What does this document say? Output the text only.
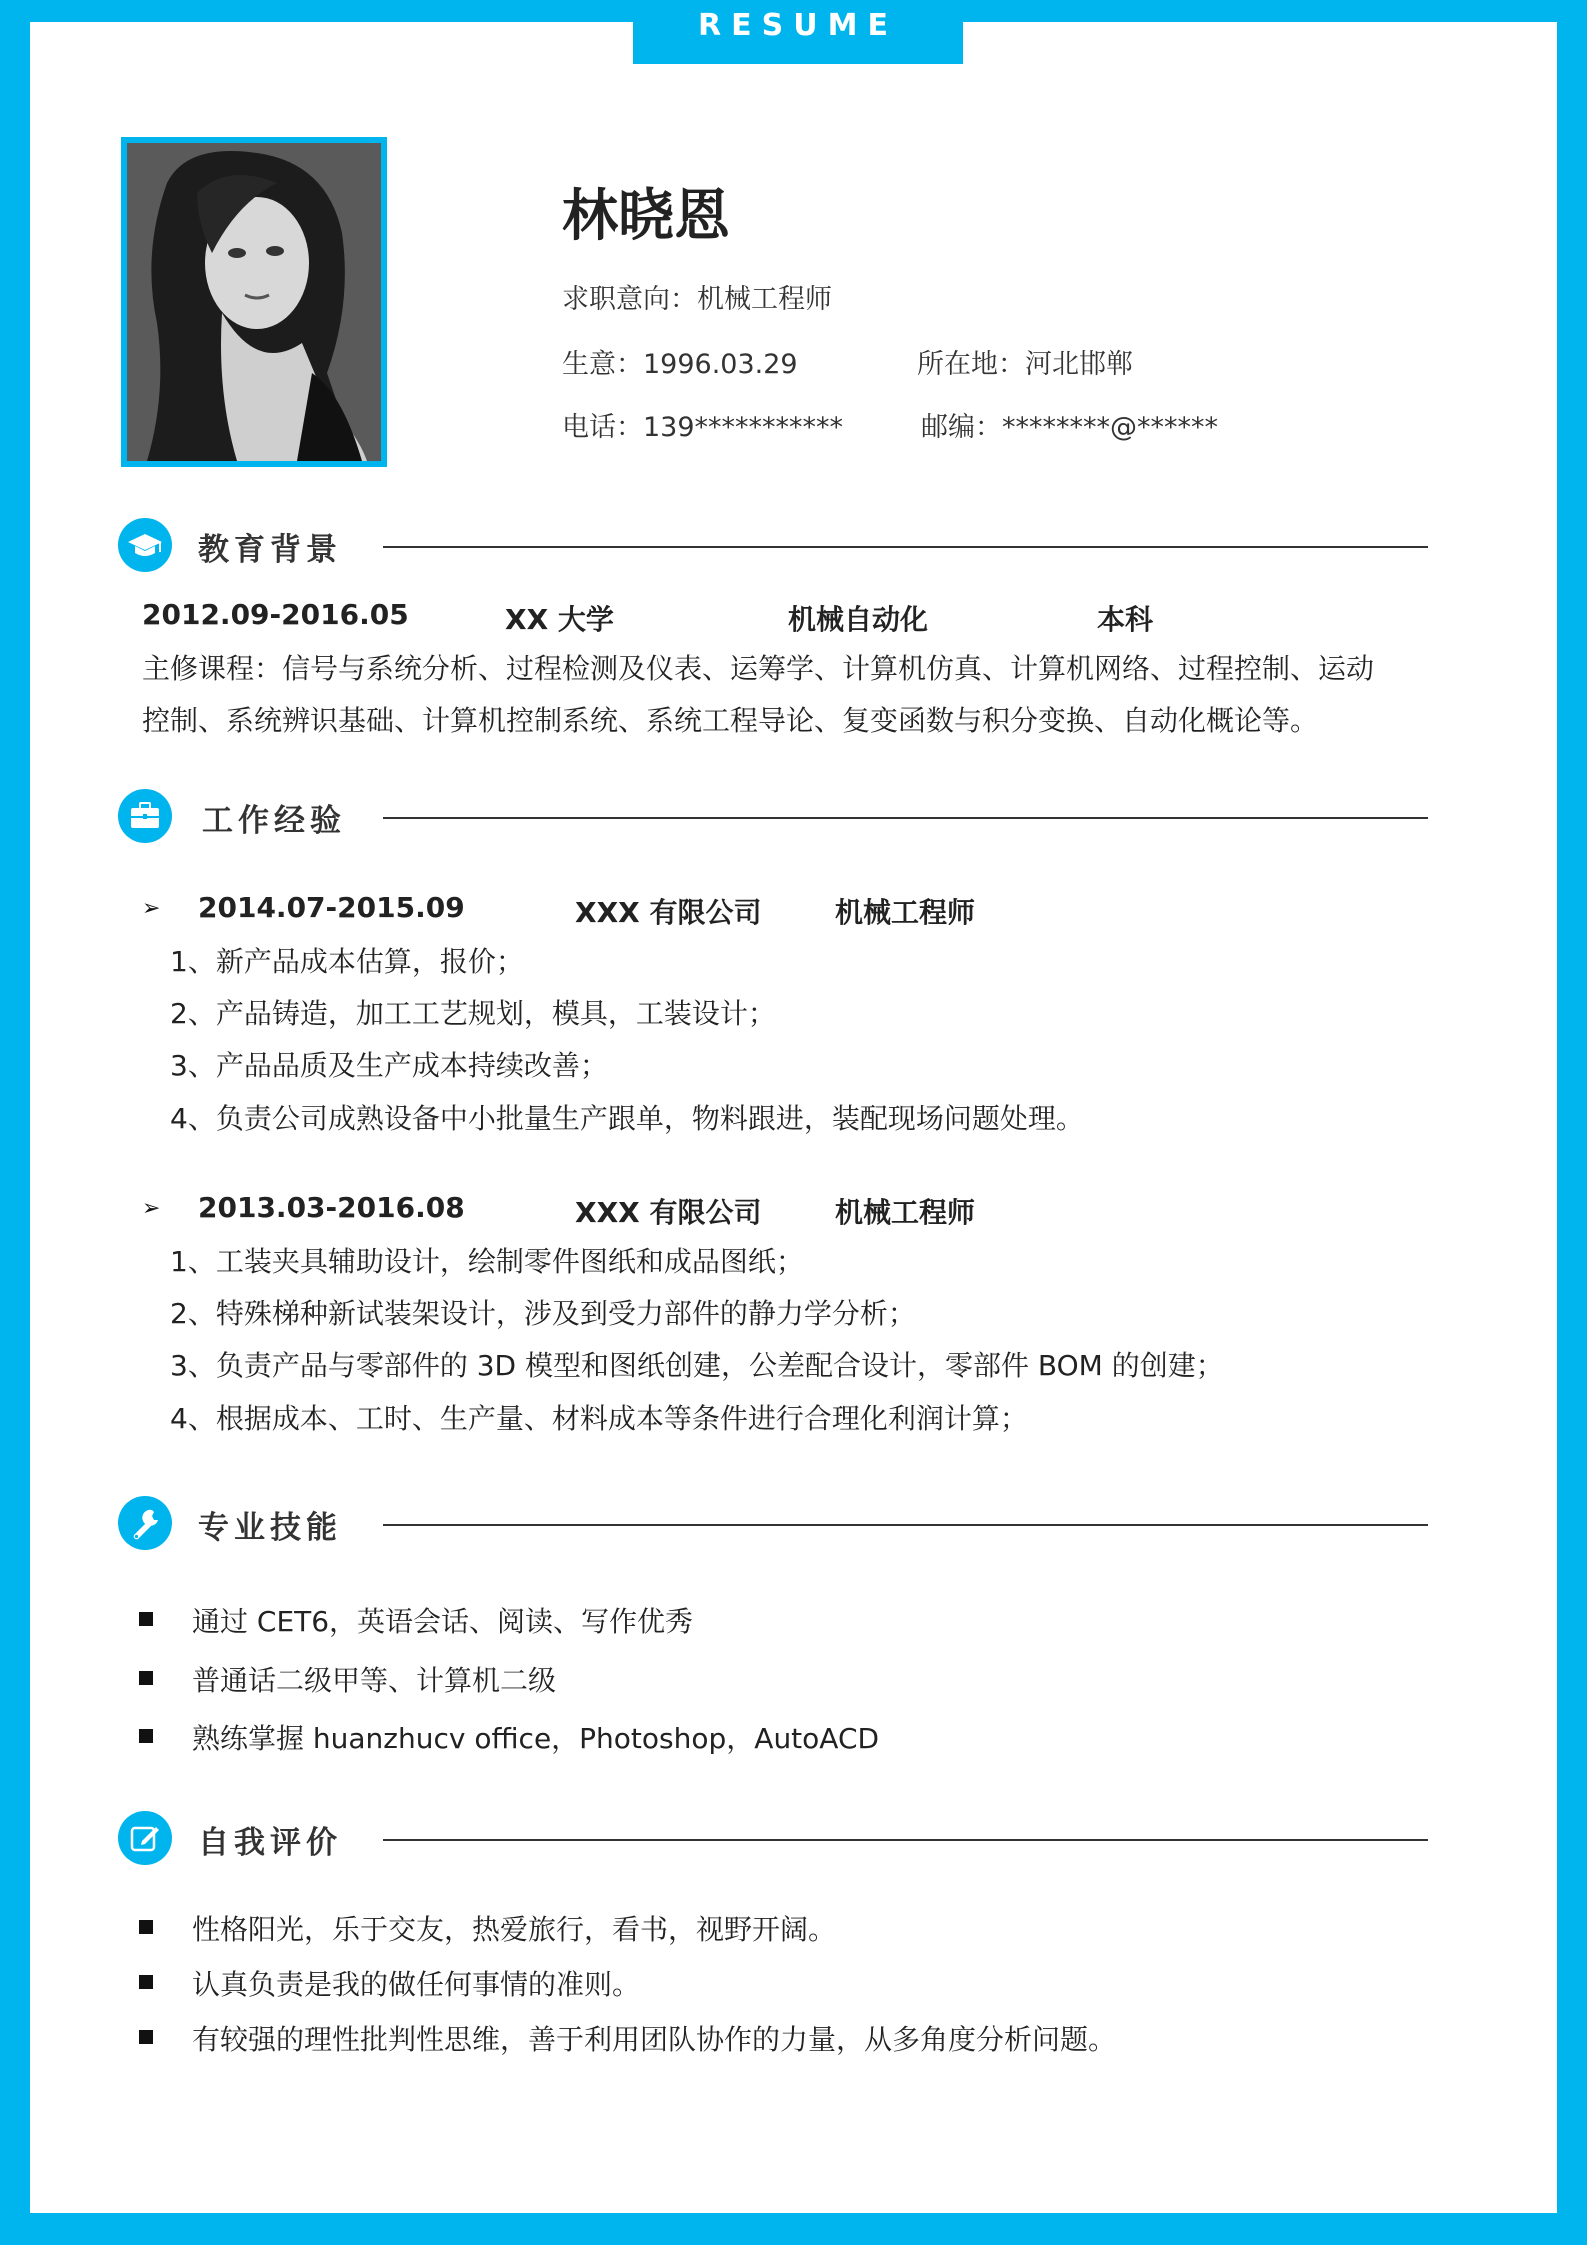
RESUME
林晓恩
求职意向：机械工程师
生意：1996.03.29	所在地：河北邯郸
电话：139***********	邮编：********@******
教育背景
2012.09-2016.05	XX 大学	机械自动化	本科
主修课程：信号与系统分析、过程检测及仪表、运筹学、计算机仿真、计算机网络、过程控制、运动
控制、系统辨识基础、计算机控制系统、系统工程导论、复变函数与积分变换、自动化概论等。
工作经验
➢ 2014.07-2015.09	XXX 有限公司	机械工程师
1、新产品成本估算，报价；
2、产品铸造，加工工艺规划，模具，工装设计；
3、产品品质及生产成本持续改善；
4、负责公司成熟设备中小批量生产跟单，物料跟进，装配现场问题处理。
➢ 2013.03-2016.08	XXX 有限公司	机械工程师
1、工装夹具辅助设计，绘制零件图纸和成品图纸；
2、特殊梯种新试装架设计，涉及到受力部件的静力学分析；
3、负责产品与零部件的 3D 模型和图纸创建，公差配合设计，零部件 BOM 的创建；
4、根据成本、工时、生产量、材料成本等条件进行合理化利润计算；
专业技能
通过 CET6，英语会话、阅读、写作优秀
普通话二级甲等、计算机二级
熟练掌握 huanzhucv office，Photoshop，AutoACD
自我评价
性格阳光，乐于交友，热爱旅行，看书，视野开阔。
认真负责是我的做任何事情的准则。
有较强的理性批判性思维，善于利用团队协作的力量，从多角度分析问题。
